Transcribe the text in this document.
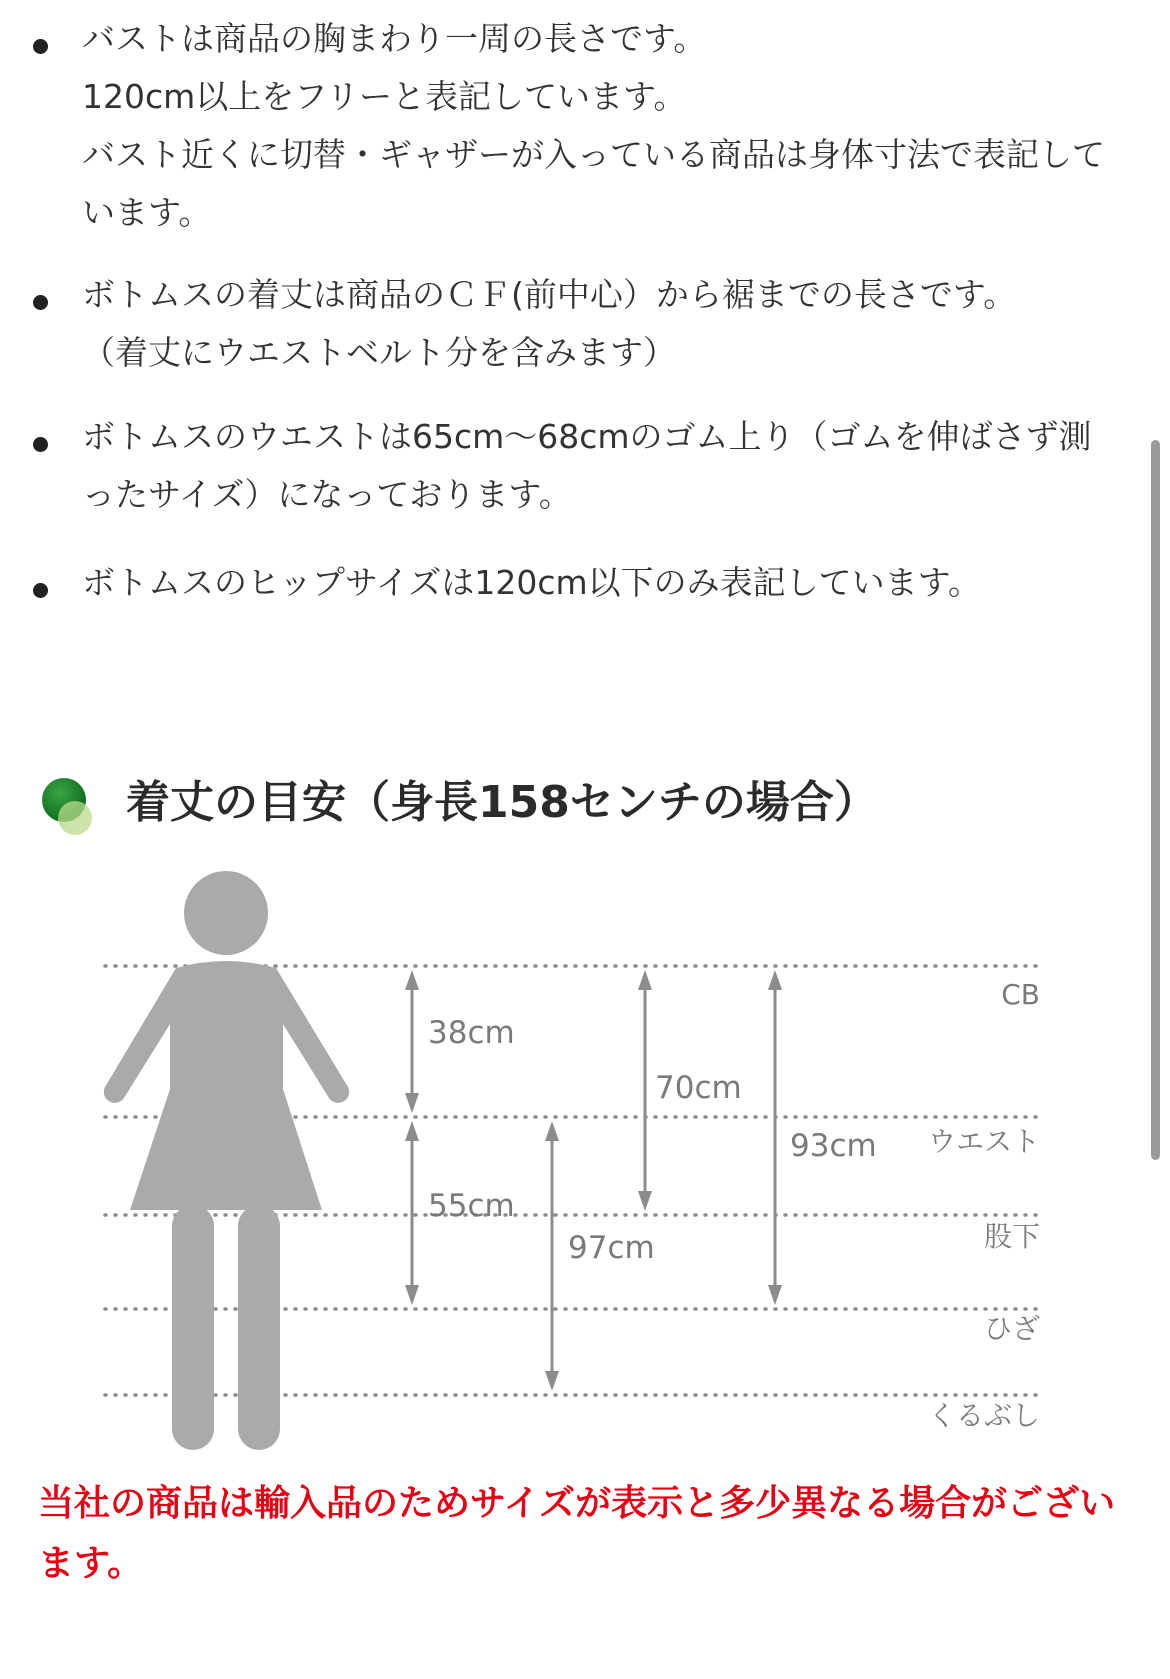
バストは商品の胸まわり一周の長さです。
120cm以上をフリーと表記しています。
バスト近くに切替・ギャザーが入っている商品は身体寸法で表記しています。
ボトムスの着丈は商品のＣＦ(前中心）から裾までの長さです。
（着丈にウエストベルト分を含みます）
ボトムスのウエストは65cm〜68cmのゴム上り（ゴムを伸ばさず測ったサイズ）になっております。
ボトムスのヒップサイズは120cm以下のみ表記しています。
着丈の目安（身長158センチの場合）
CB
ウエスト
股下
ひざ
くるぶし
38cm
55cm
70cm
93cm
97cm
当社の商品は輸入品のためサイズが表示と多少異なる場合がございます。
